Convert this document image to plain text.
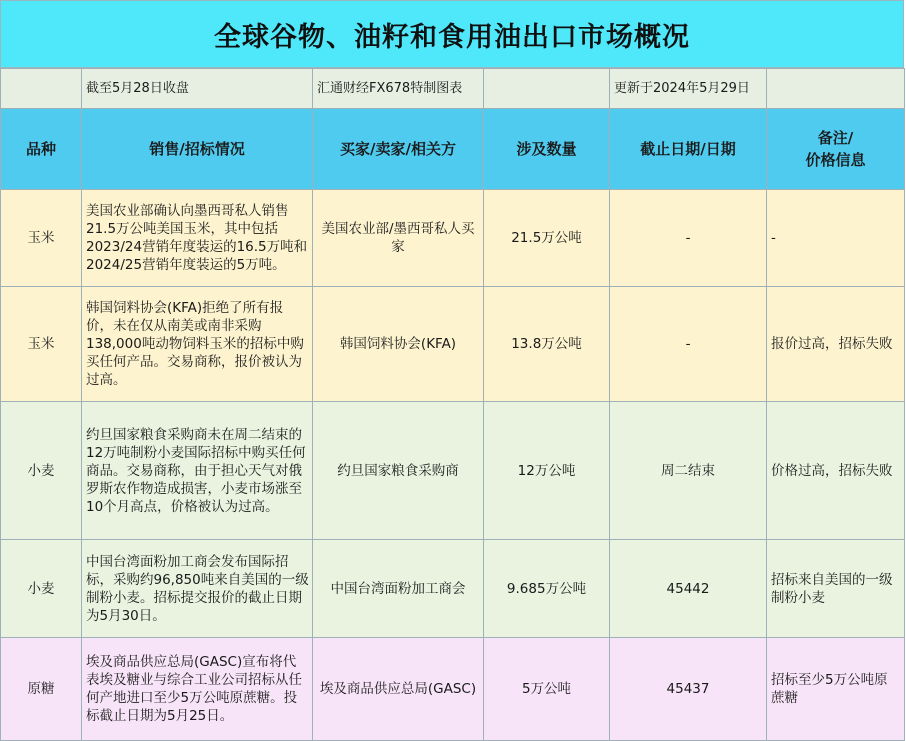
全球谷物、油籽和食用油出口市场概况
	截至5月28日收盘	汇通财经FX678特制图表		更新于2024年5月29日	
品种	销售/招标情况	买家/卖家/相关方	涉及数量	截止日期/日期	备注/
价格信息
玉米	美国农业部确认向墨西哥私人销售21.5万公吨美国玉米，其中包括2023/24营销年度装运的16.5万吨和2024/25营销年度装运的5万吨。	美国农业部/墨西哥私人买家	21.5万公吨	-	-
玉米	韩国饲料协会(KFA)拒绝了所有报价，未在仅从南美或南非采购138,000吨动物饲料玉米的招标中购买任何产品。交易商称，报价被认为过高。	韩国饲料协会(KFA)	13.8万公吨	-	报价过高，招标失败
小麦	约旦国家粮食采购商未在周二结束的12万吨制粉小麦国际招标中购买任何商品。交易商称，由于担心天气对俄罗斯农作物造成损害，小麦市场涨至10个月高点，价格被认为过高。	约旦国家粮食采购商	12万公吨	周二结束	价格过高，招标失败
小麦	中国台湾面粉加工商会发布国际招标，采购约96,850吨来自美国的一级制粉小麦。招标提交报价的截止日期为5月30日。	中国台湾面粉加工商会	9.685万公吨	45442	招标来自美国的一级制粉小麦
原糖	埃及商品供应总局(GASC)宣布将代表埃及糖业与综合工业公司招标从任何产地进口至少5万公吨原蔗糖。投标截止日期为5月25日。	埃及商品供应总局(GASC)	5万公吨	45437	招标至少5万公吨原蔗糖
